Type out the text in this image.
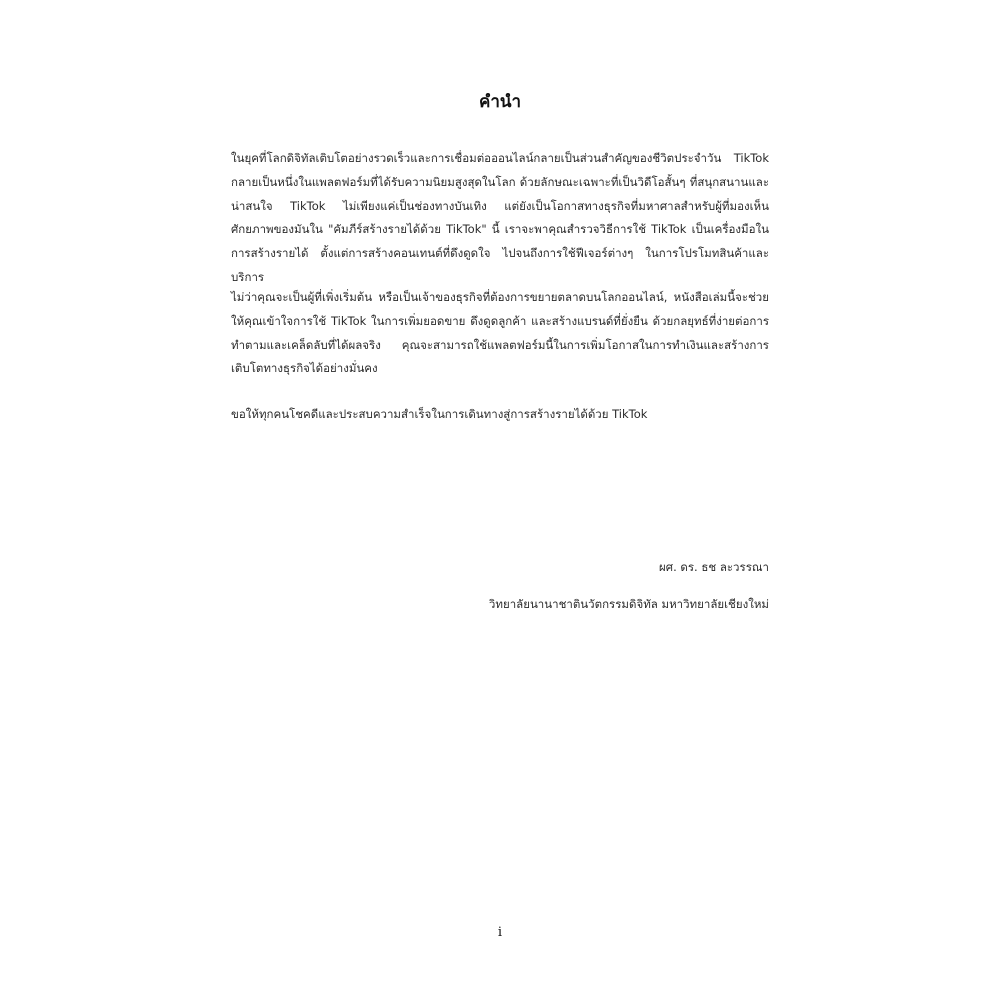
คำนำ

ในยุคที่โลกดิจิทัลเติบโตอย่างรวดเร็วและการเชื่อมต่อออนไลน์กลายเป็นส่วนสำคัญของชีวิตประจำวัน TikTok กลายเป็นหนึ่งในแพลตฟอร์มที่ได้รับความนิยมสูงสุดในโลก ด้วยลักษณะเฉพาะที่เป็นวิดีโอสั้นๆ ที่สนุกสนานและน่าสนใจ TikTok ไม่เพียงแค่เป็นช่องทางบันเทิง แต่ยังเป็นโอกาสทางธุรกิจที่มหาศาลสำหรับผู้ที่มองเห็นศักยภาพของมันใน "คัมภีร์สร้างรายได้ด้วย TikTok" นี้ เราจะพาคุณสำรวจวิธีการใช้ TikTok เป็นเครื่องมือในการสร้างรายได้ ตั้งแต่การสร้างคอนเทนต์ที่ดึงดูดใจ ไปจนถึงการใช้ฟีเจอร์ต่างๆ ในการโปรโมทสินค้าและบริการ

ไม่ว่าคุณจะเป็นผู้ที่เพิ่งเริ่มต้น หรือเป็นเจ้าของธุรกิจที่ต้องการขยายตลาดบนโลกออนไลน์, หนังสือเล่มนี้จะช่วยให้คุณเข้าใจการใช้ TikTok ในการเพิ่มยอดขาย ดึงดูดลูกค้า และสร้างแบรนด์ที่ยั่งยืน ด้วยกลยุทธ์ที่ง่ายต่อการทำตามและเคล็ดลับที่ได้ผลจริง คุณจะสามารถใช้แพลตฟอร์มนี้ในการเพิ่มโอกาสในการทำเงินและสร้างการเติบโตทางธุรกิจได้อย่างมั่นคง

ขอให้ทุกคนโชคดีและประสบความสำเร็จในการเดินทางสู่การสร้างรายได้ด้วย TikTok

ผศ. ดร. ธช ละวรรณา
วิทยาลัยนานาชาตินวัตกรรมดิจิทัล มหาวิทยาลัยเชียงใหม่
i
